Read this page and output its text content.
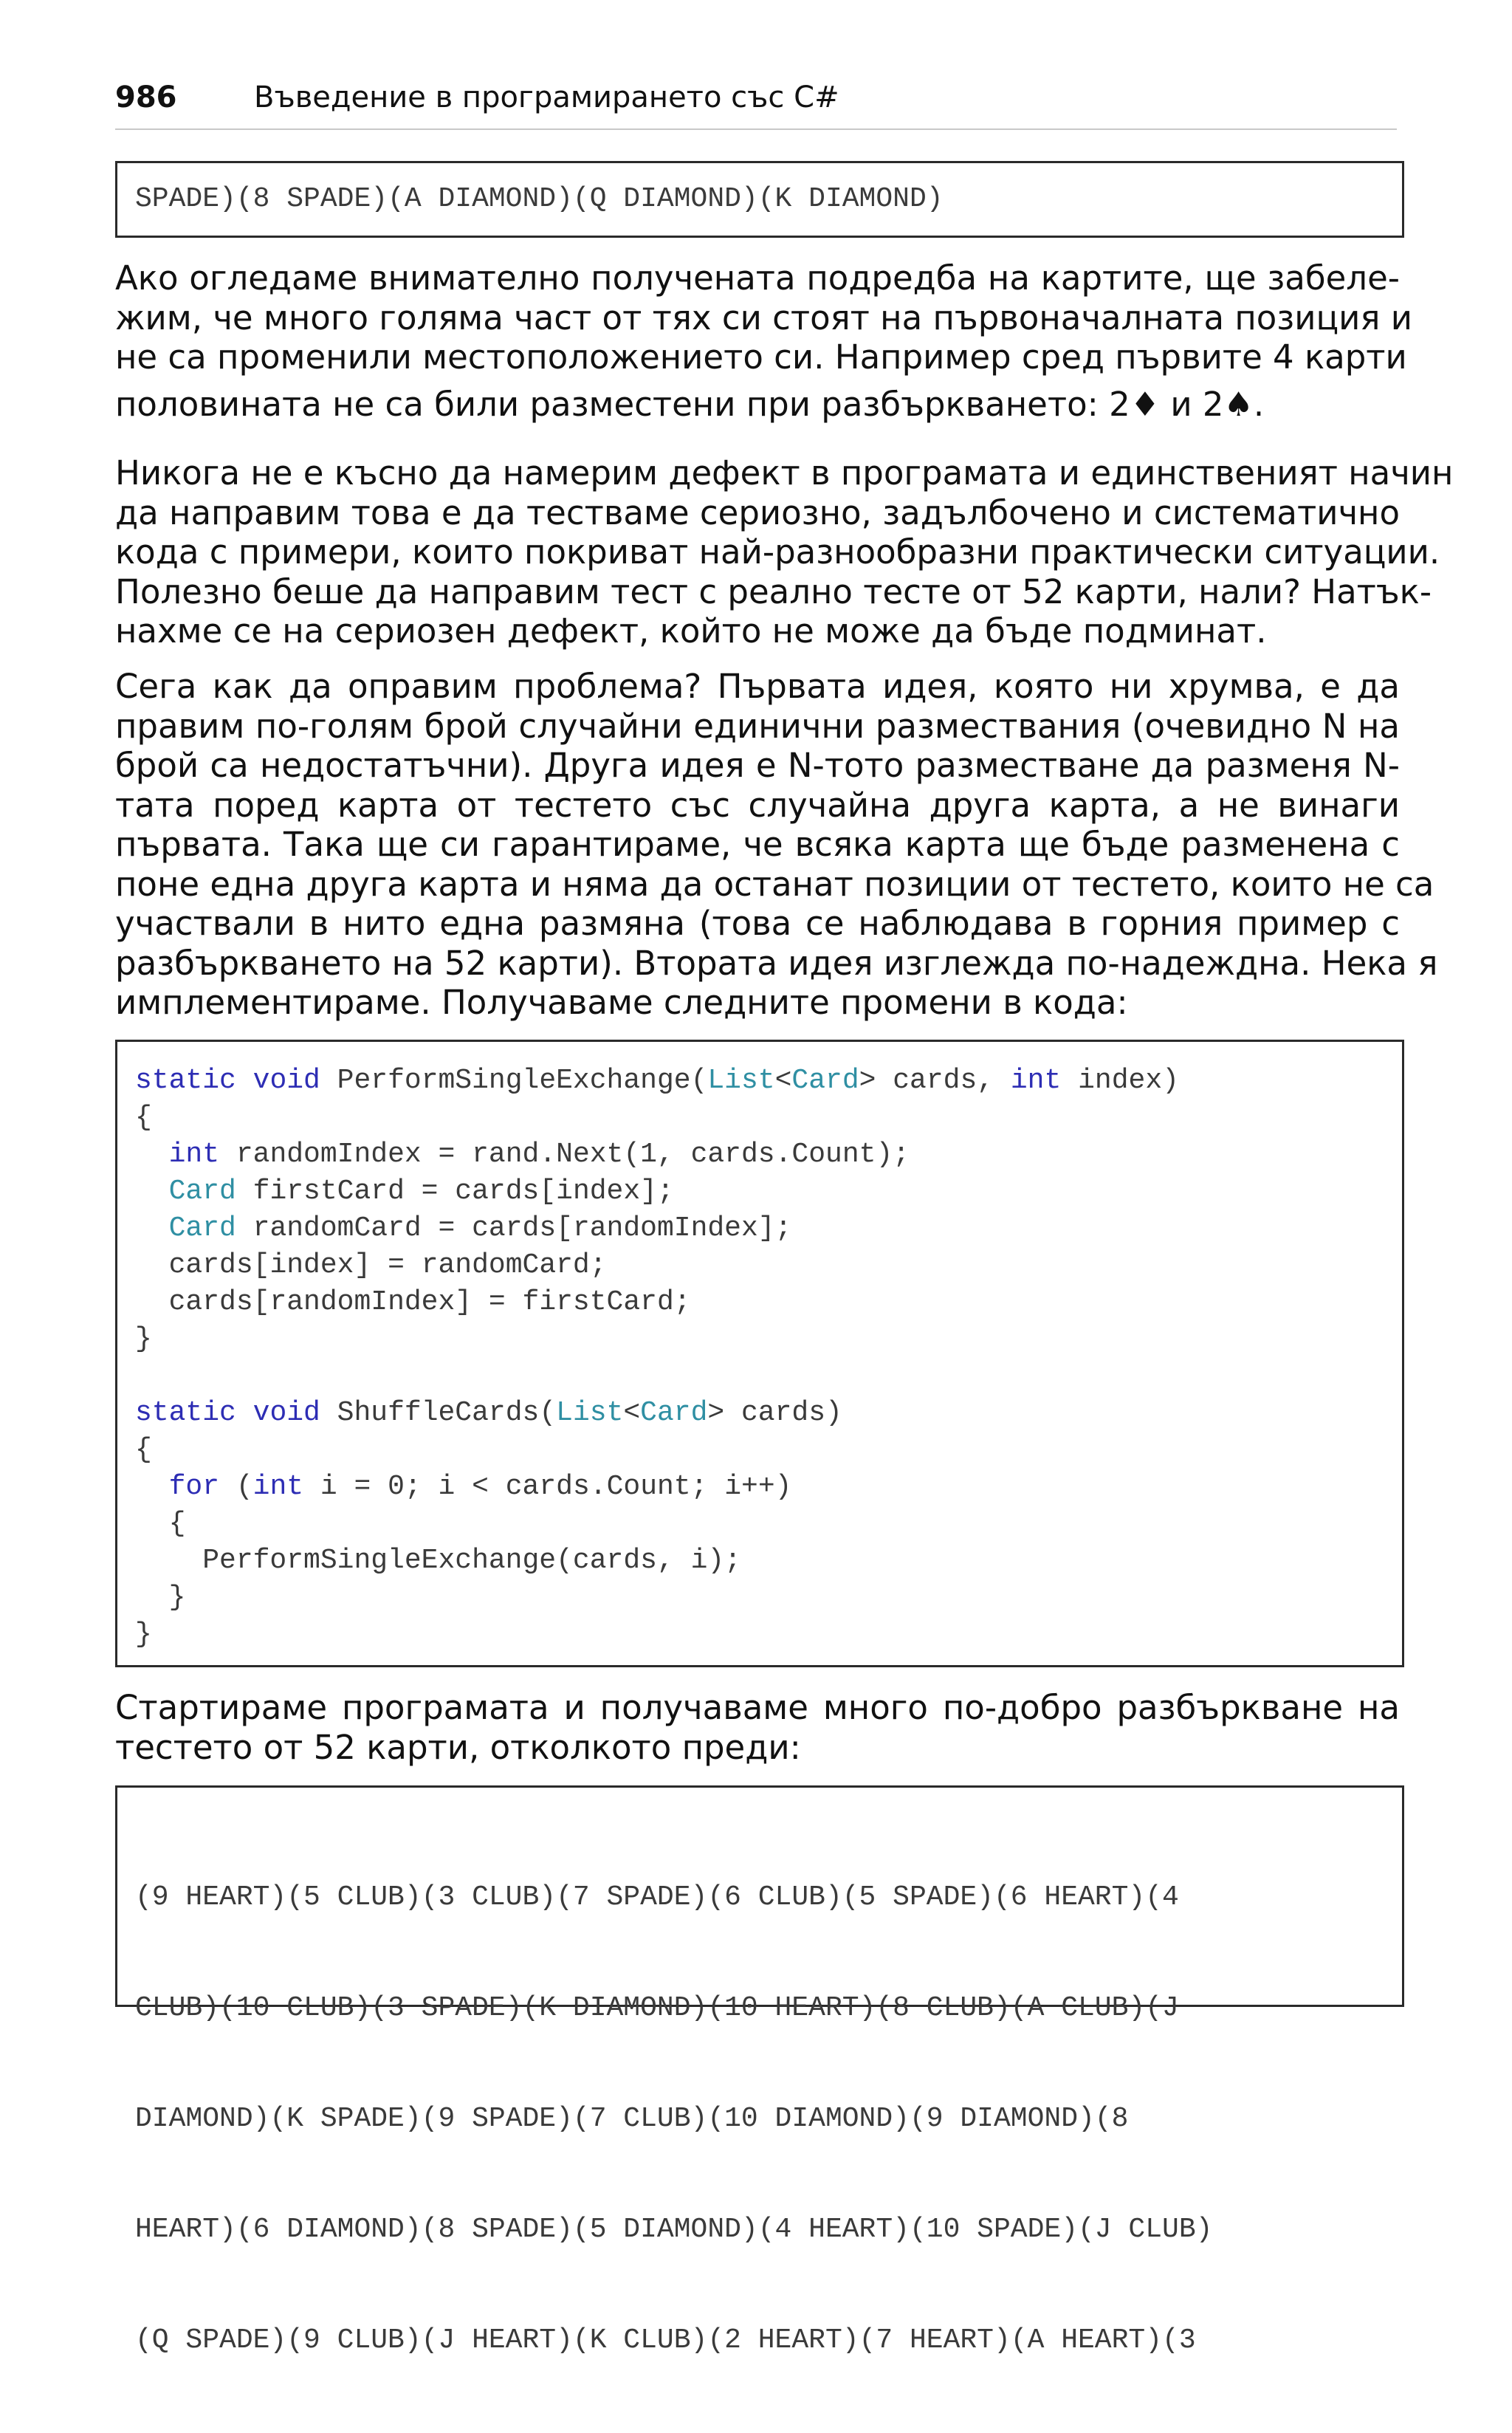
986	Въведение в програмирането със C#
SPADE)(8 SPADE)(A DIAMOND)(Q DIAMOND)(K DIAMOND)
Ако огледаме внимателно получената подредба на картите, ще забеле-
жим, че много голяма част от тях си стоят на първоначалната позиция и
не са променили местоположението си. Например сред първите 4 карти
половината не са били разместени при разбъркването: 2♦ и 2♠.
Никога не е късно да намерим дефект в програмата и единственият начин
да направим това е да тестваме сериозно, задълбочено и систематично
кода с примери, които покриват най-разнообразни практически ситуации.
Полезно беше да направим тест с реално тесте от 52 карти, нали? Натък-
нахме се на сериозен дефект, който не може да бъде подминат.
Сега как да оправим проблема? Първата идея, която ни хрумва, е да
правим по-голям брой случайни единични размествания (очевидно N на
брой са недостатъчни). Друга идея е N-тото разместване да разменя N-
тата поред карта от тестето със случайна друга карта, а не винаги
първата. Така ще си гарантираме, че всяка карта ще бъде разменена с
поне една друга карта и няма да останат позиции от тестето, които не са
участвали в нито една размяна (това се наблюдава в горния пример с
разбъркването на 52 карти). Втората идея изглежда по-надеждна. Нека я
имплементираме. Получаваме следните промени в кода:
static void PerformSingleExchange(List<Card> cards, int index)
{
int randomIndex = rand.Next(1, cards.Count);
Card firstCard = cards[index];
Card randomCard = cards[randomIndex];
cards[index] = randomCard;
cards[randomIndex] = firstCard;
}
static void ShuffleCards(List<Card> cards)
{
for (int i = 0; i < cards.Count; i++)
{
PerformSingleExchange(cards, i);
}
}
Стартираме програмата и получаваме много по-добро разбъркване на
тестето от 52 карти, отколкото преди:

(9 HEART)(5 CLUB)(3 CLUB)(7 SPADE)(6 CLUB)(5 SPADE)(6 HEART)(4

CLUB)(10 CLUB)(3 SPADE)(K DIAMOND)(10 HEART)(8 CLUB)(A CLUB)(J

DIAMOND)(K SPADE)(9 SPADE)(7 CLUB)(10 DIAMOND)(9 DIAMOND)(8

HEART)(6 DIAMOND)(8 SPADE)(5 DIAMOND)(4 HEART)(10 SPADE)(J CLUB)

(Q SPADE)(9 CLUB)(J HEART)(K CLUB)(2 HEART)(7 HEART)(A HEART)(3
